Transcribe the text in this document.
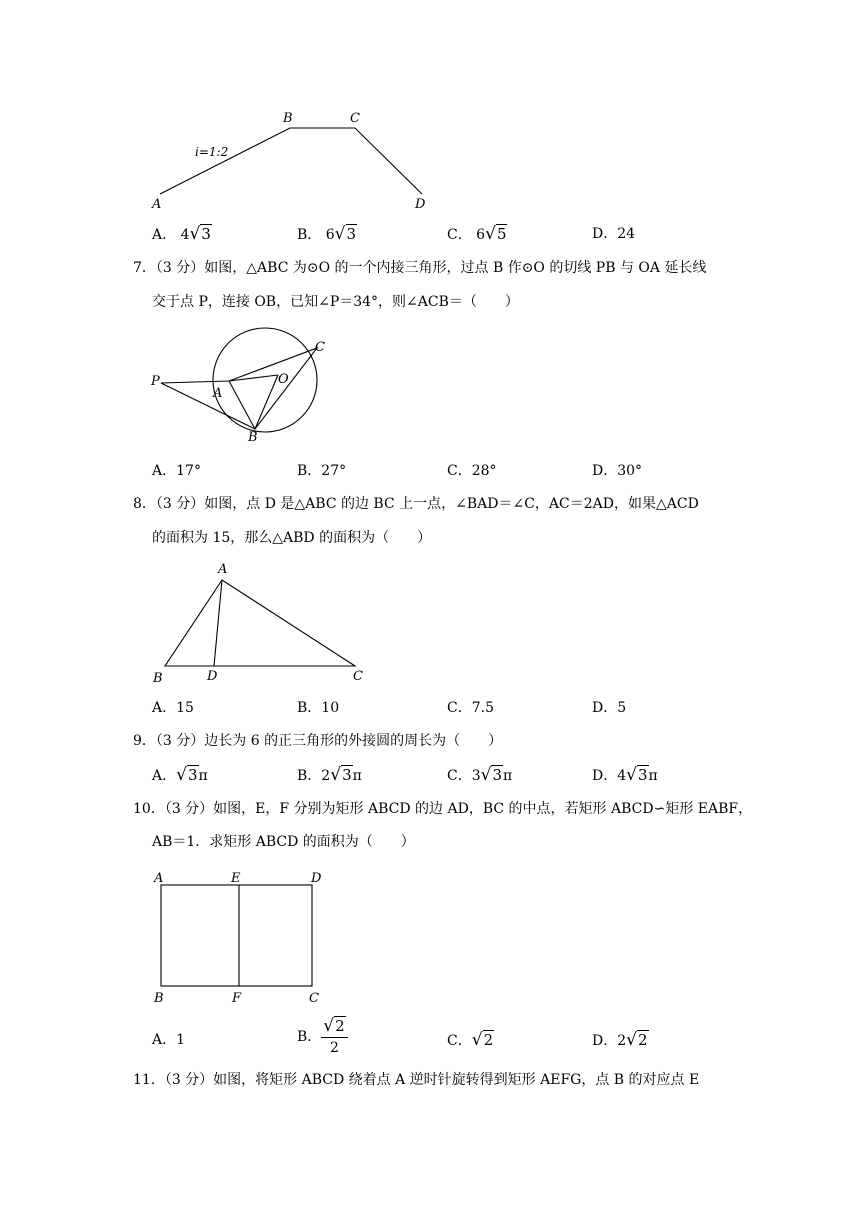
B	C
A	D
i=1:2
A． 4√3	B． 6√3	C． 6√5	D．24
7．（3 分）如图，△ABC 为⊙O 的一个内接三角形，过点 B 作⊙O 的切线 PB 与 OA 延长线
交于点 P，连接 OB，已知∠P＝34°，则∠ACB＝（　　）
P
A
O
B
C
A．17°	B．27°	C．28°	D．30°
8．（3 分）如图，点 D 是△ABC 的边 BC 上一点，∠BAD＝∠C，AC＝2AD，如果△ACD
的面积为 15，那么△ABD 的面积为（　　）
A
B	D	C
A．15	B．10	C．7.5	D．5
9．（3 分）边长为 6 的正三角形的外接圆的周长为（　　）
A．√3π	B．2√3π	C．3√3π	D．4√3π
10．（3 分）如图，E，F 分别为矩形 ABCD 的边 AD，BC 的中点，若矩形 ABCD∽矩形 EABF，
AB＝1．求矩形 ABCD 的面积为（　　）
A	E	D
B	F	C
A．1	B． $\frac{√2}{2}$	C．√2	D．2√2
11．（3 分）如图，将矩形 ABCD 绕着点 A 逆时针旋转得到矩形 AEFG，点 B 的对应点 E
